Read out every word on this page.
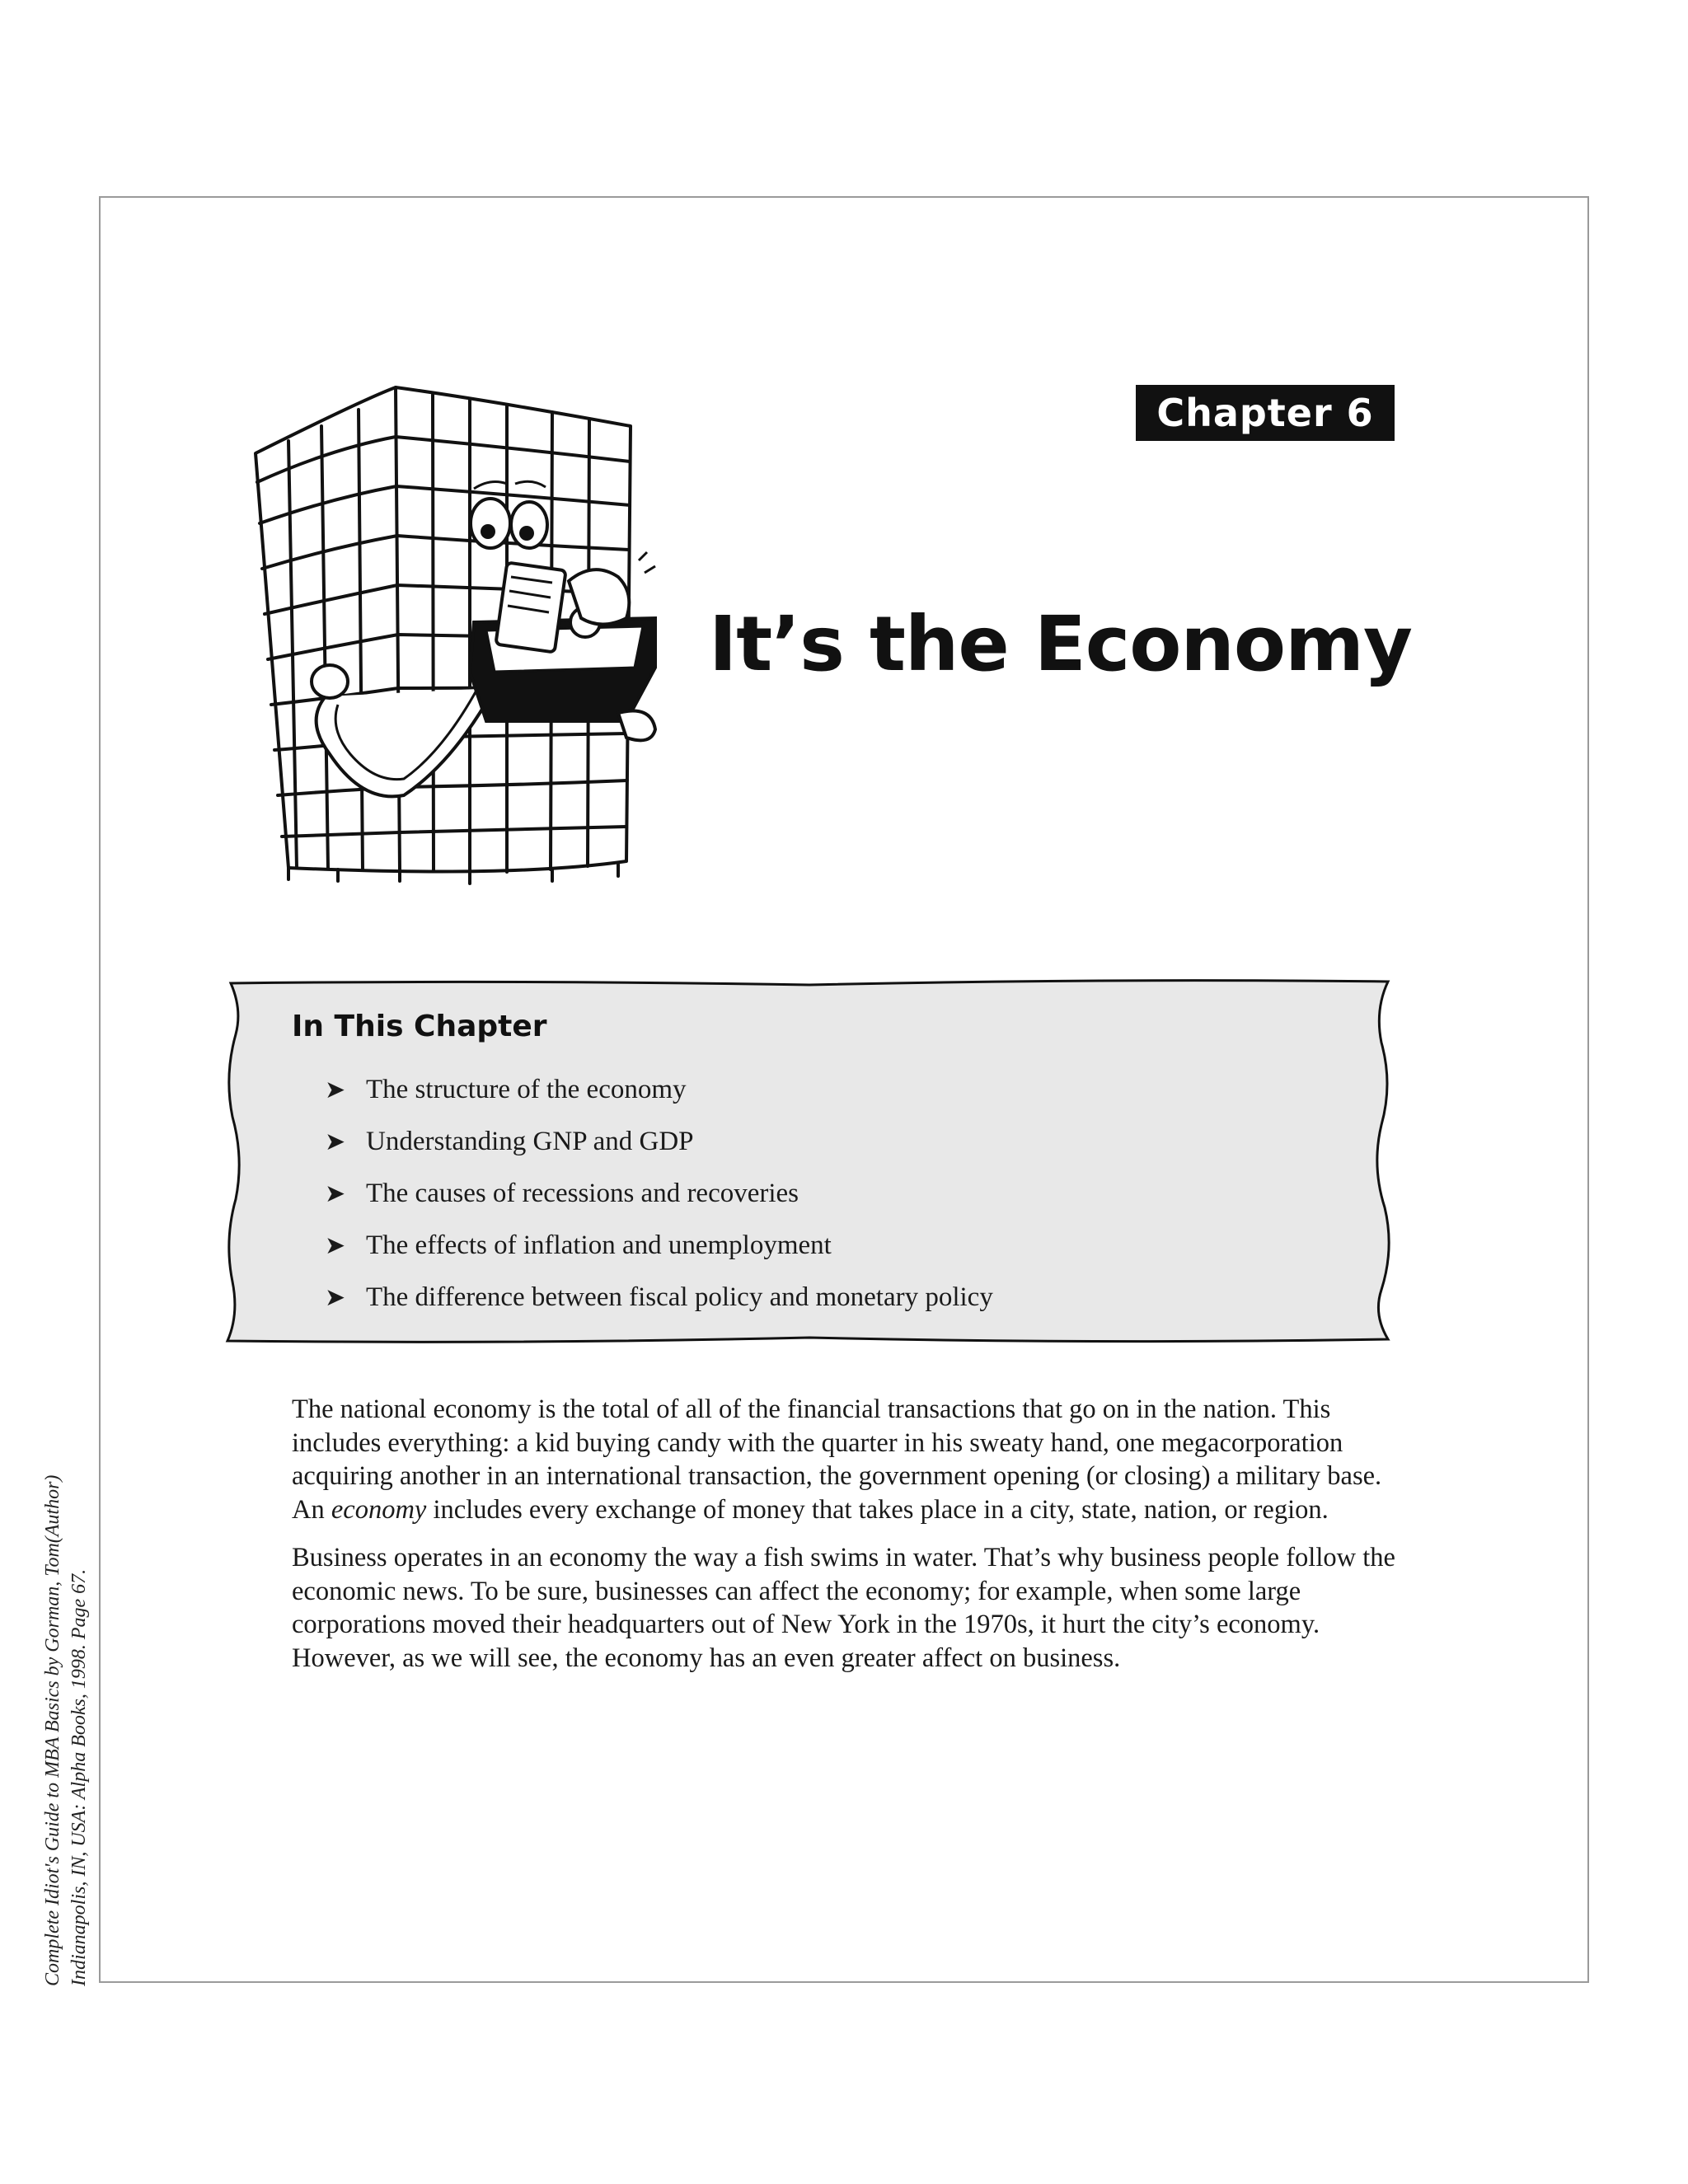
Complete Idiot's Guide to MBA Basics by Gorman, Tom(Author) Indianapolis, IN, USA: Alpha Books, 1998. Page 67.
Chapter 6
It’s the Economy
In This Chapter
➤ The structure of the economy
➤ Understanding GNP and GDP
➤ The causes of recessions and recoveries
➤ The effects of inflation and unemployment
➤ The difference between fiscal policy and monetary policy

The national economy is the total of all of the financial transactions that go on in the nation. This includes everything: a kid buying candy with the quarter in his sweaty hand, one megacorporation acquiring another in an international transaction, the government opening (or closing) a military base. An economy includes every exchange of money that takes place in a city, state, nation, or region.

Business operates in an economy the way a fish swims in water. That’s why business people follow the economic news. To be sure, businesses can affect the economy; for example, when some large corporations moved their headquarters out of New York in the 1970s, it hurt the city’s economy. However, as we will see, the economy has an even greater affect on business.
